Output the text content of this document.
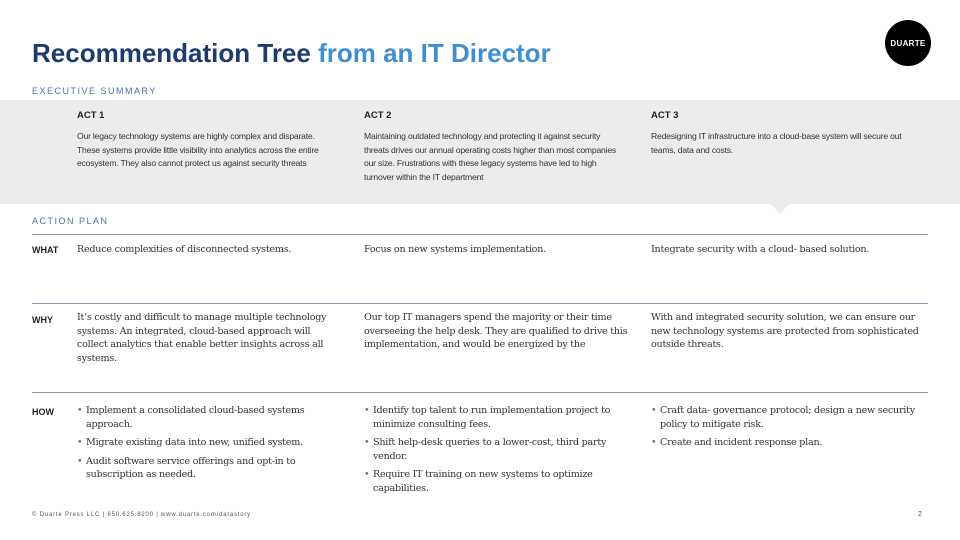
Recommendation Tree from an IT Director	DUARTE
EXECUTIVE SUMMARY
ACT 1
Our legacy technology systems are highly complex and disparate. These systems provide little visibility into analytics across the entire ecosystem. They also cannot protect us against security threats
ACT 2
Maintaining outdated technology and protecting it against security threats drives our annual operating costs higher than most companies our size. Frustrations with these legacy systems have led to high turnover within the IT department
ACT 3
Redesigning IT infrastructure into a cloud-base system will secure out teams, data and costs.
ACTION PLAN
WHAT Reduce complexities of disconnected systems.	Focus on new systems implementation.	Integrate security with a cloud- based solution.
WHY	It’s costly and difficult to manage multiple technology systems. An integrated, cloud-based approach will collect analytics that enable better insights across all systems.
Our top IT managers spend the majority or their time overseeing the help desk. They are qualified to drive this implementation, and would be energized by the
With and integrated security solution, we can ensure our new technology systems are protected from sophisticated outside threats.
HOW
•	Implement a consolidated cloud-based systems approach.
• Migrate existing data into new, unified system.
• Audit software service offerings and opt-in to subscription as needed.
• Identify top talent to run implementation project to minimize consulting fees.
• Shift help-desk queries to a lower-cost, third party vendor.
• Require IT training on new systems to optimize capabilities.
• Craft data- governance protocol; design a new security policy to mitigate risk.
• Create and incident response plan.
© Duarte Press LLC | 650.625.8200 | www.duarte.com/datastory	2
